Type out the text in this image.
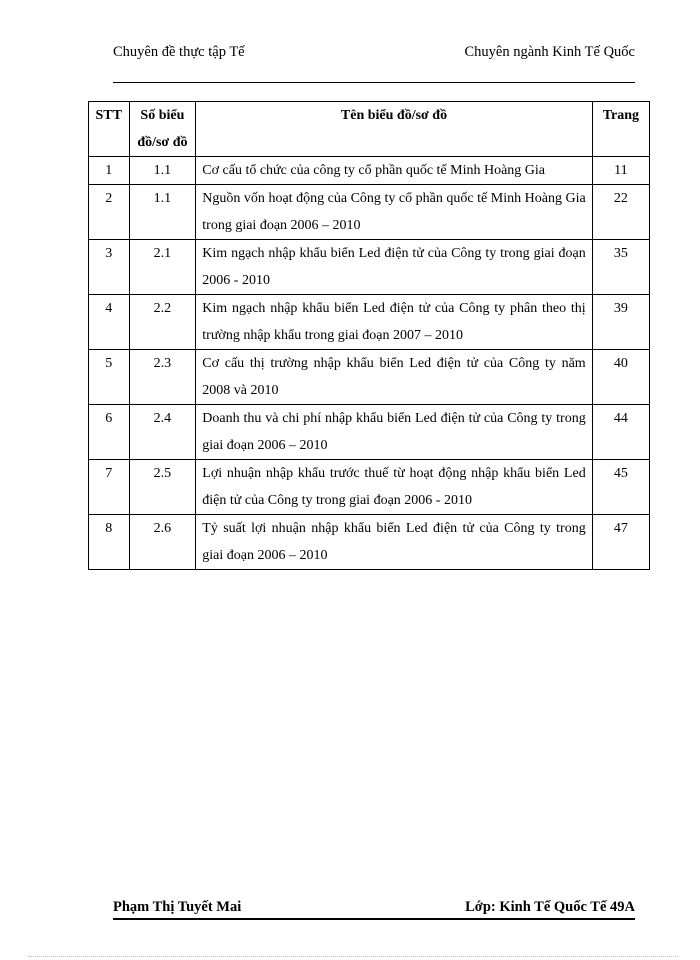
Chuyên đề thực tập Tế	Chuyên ngành Kinh Tế Quốc
STT	Số biểu đồ/sơ đồ	Tên biểu đồ/sơ đồ	Trang
1	1.1	Cơ cấu tổ chức của công ty cổ phần quốc tế Minh Hoàng Gia	11
2	1.1	Nguồn vốn hoạt động của Công ty cổ phần quốc tế Minh Hoàng Gia trong giai đoạn 2006 – 2010	22
3	2.1	Kim ngạch nhập khẩu biển Led điện tử của Công ty trong giai đoạn 2006 - 2010	35
4	2.2	Kim ngạch nhập khẩu biển Led điện tử của Công ty phân theo thị trường nhập khẩu trong giai đoạn 2007 – 2010	39
5	2.3	Cơ cấu thị trường nhập khẩu biển Led điện tử của Công ty năm 2008 và 2010	40
6	2.4	Doanh thu và chi phí nhập khẩu biển Led điện tử của Công ty trong giai đoạn 2006 – 2010	44
7	2.5	Lợi nhuận nhập khẩu trước thuế từ hoạt động nhập khẩu biển Led điện tử của Công ty trong giai đoạn 2006 - 2010	45
8	2.6	Tỷ suất lợi nhuận nhập khẩu biển Led điện tử của Công ty trong giai đoạn 2006 – 2010	47
Phạm Thị Tuyết Mai	Lớp: Kinh Tế Quốc Tế 49A
